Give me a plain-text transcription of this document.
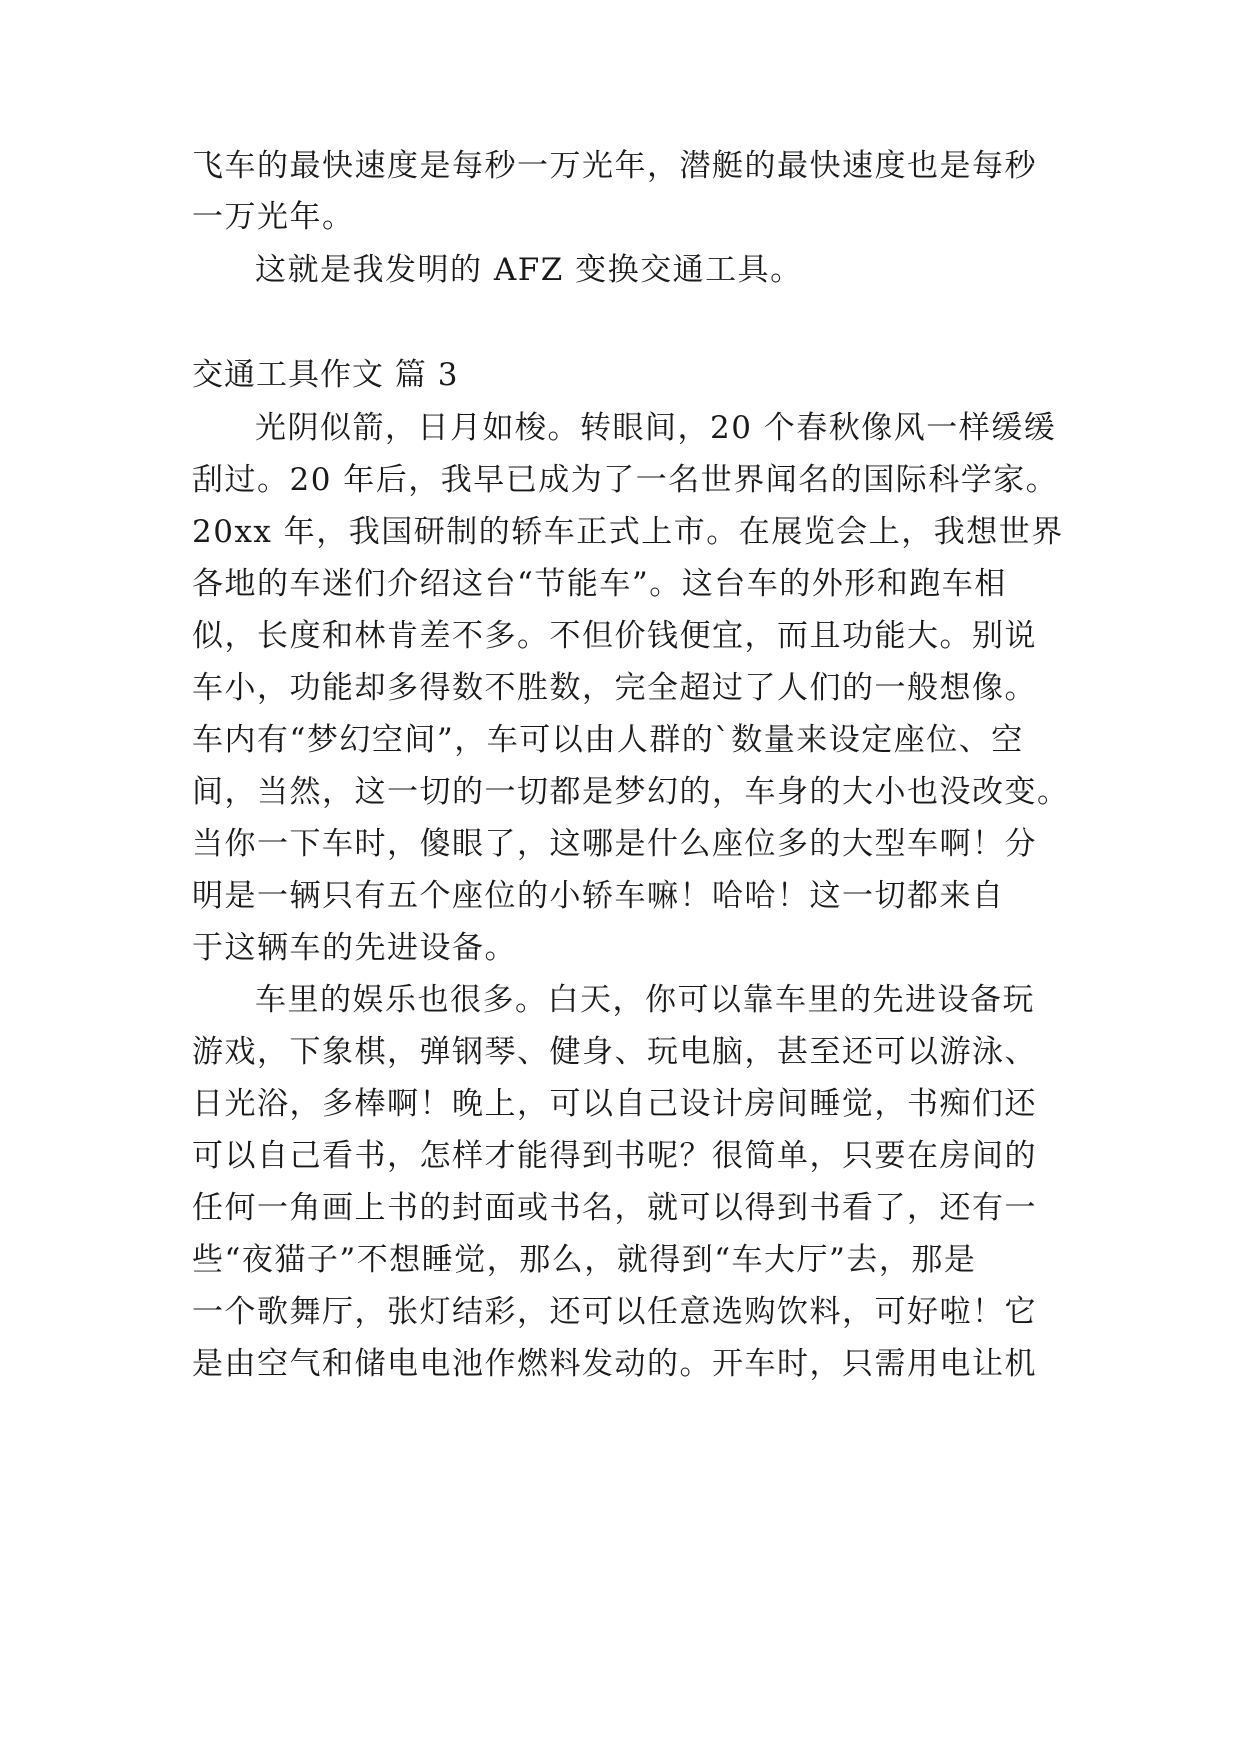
飞车的最快速度是每秒一万光年，潜艇的最快速度也是每秒
一万光年。
这就是我发明的 AFZ 变换交通工具。
交通工具作文 篇 3
光阴似箭，日月如梭。转眼间，20 个春秋像风一样缓缓
刮过。20 年后，我早已成为了一名世界闻名的国际科学家。
20xx 年，我国研制的轿车正式上市。在展览会上，我想世界
各地的车迷们介绍这台“节能车”。这台车的外形和跑车相
似，长度和林肯差不多。不但价钱便宜，而且功能大。别说
车小，功能却多得数不胜数，完全超过了人们的一般想像。
车内有“梦幻空间”，车可以由人群的`数量来设定座位、空
间，当然，这一切的一切都是梦幻的，车身的大小也没改变。
当你一下车时，傻眼了，这哪是什么座位多的大型车啊！分
明是一辆只有五个座位的小轿车嘛！哈哈！这一切都来自
于这辆车的先进设备。
车里的娱乐也很多。白天，你可以靠车里的先进设备玩
游戏，下象棋，弹钢琴、健身、玩电脑，甚至还可以游泳、
日光浴，多棒啊！晚上，可以自己设计房间睡觉，书痴们还
可以自己看书，怎样才能得到书呢？很简单，只要在房间的
任何一角画上书的封面或书名，就可以得到书看了，还有一
些“夜猫子”不想睡觉，那么，就得到“车大厅”去，那是
一个歌舞厅，张灯结彩，还可以任意选购饮料，可好啦！它
是由空气和储电电池作燃料发动的。开车时，只需用电让机
